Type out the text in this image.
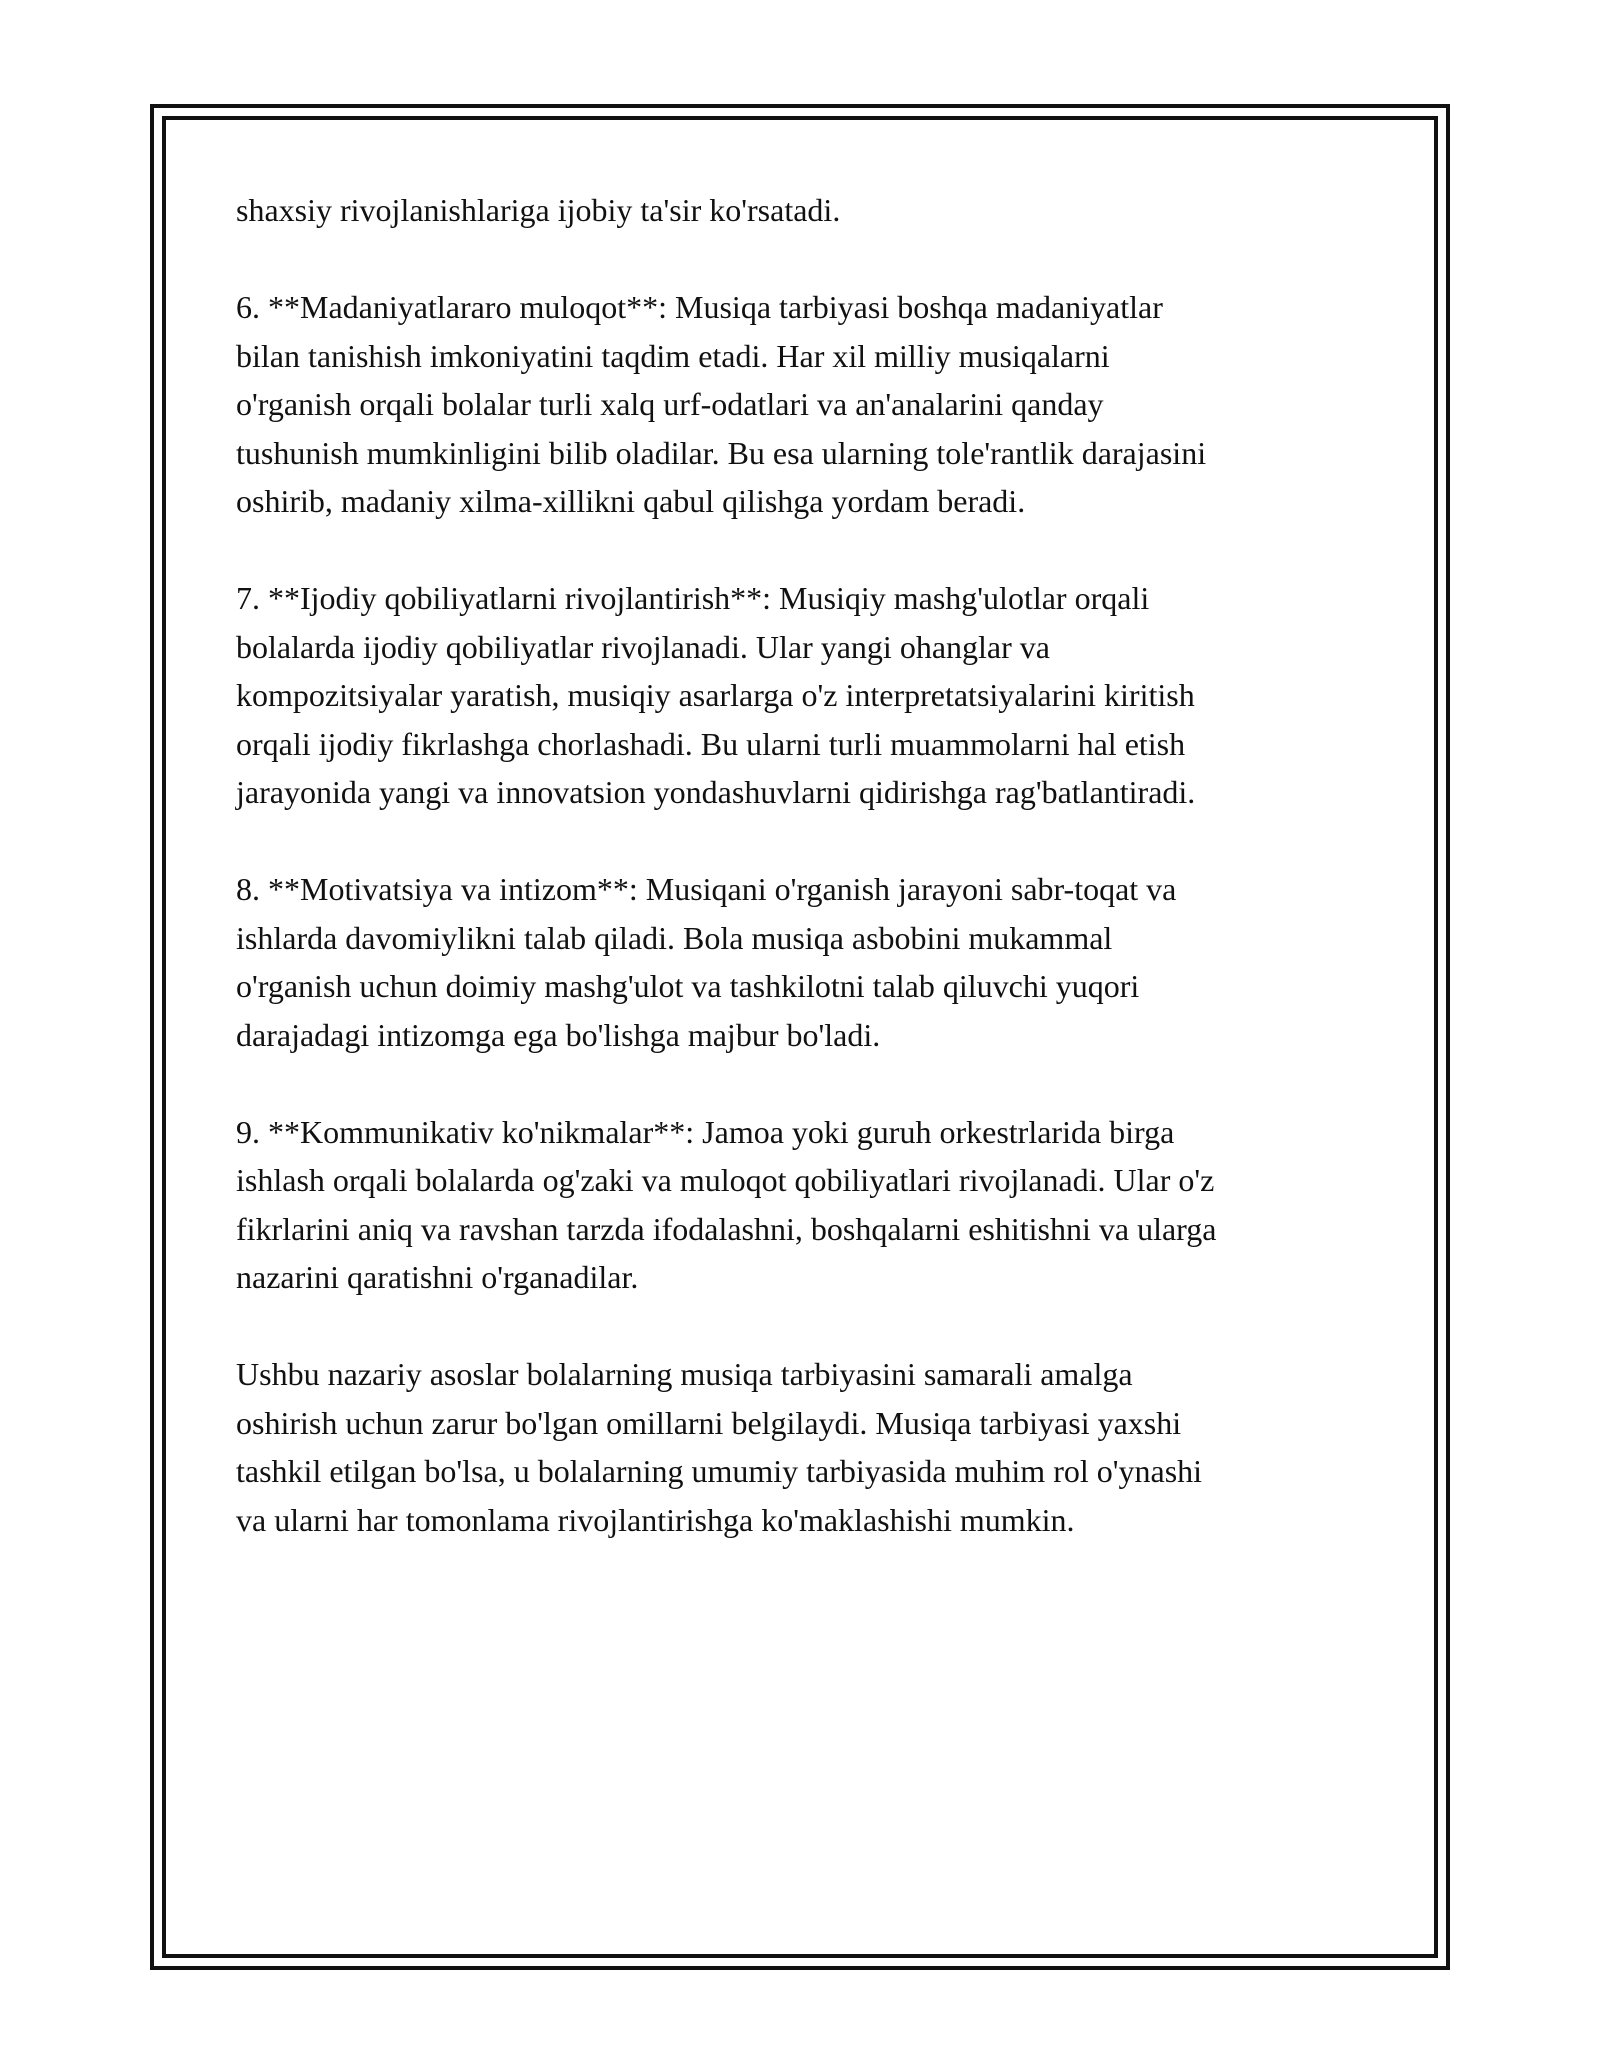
shaxsiy rivojlanishlariga ijobiy ta'sir ko'rsatadi.

6. **Madaniyatlararo muloqot**: Musiqa tarbiyasi boshqa madaniyatlar
bilan tanishish imkoniyatini taqdim etadi. Har xil milliy musiqalarni
o'rganish orqali bolalar turli xalq urf-odatlari va an'analarini qanday
tushunish mumkinligini bilib oladilar. Bu esa ularning tole'rantlik darajasini
oshirib, madaniy xilma-xillikni qabul qilishga yordam beradi.

7. **Ijodiy qobiliyatlarni rivojlantirish**: Musiqiy mashg'ulotlar orqali
bolalarda ijodiy qobiliyatlar rivojlanadi. Ular yangi ohanglar va
kompozitsiyalar yaratish, musiqiy asarlarga o'z interpretatsiyalarini kiritish
orqali ijodiy fikrlashga chorlashadi. Bu ularni turli muammolarni hal etish
jarayonida yangi va innovatsion yondashuvlarni qidirishga rag'batlantiradi.

8. **Motivatsiya va intizom**: Musiqani o'rganish jarayoni sabr-toqat va
ishlarda davomiylikni talab qiladi. Bola musiqa asbobini mukammal
o'rganish uchun doimiy mashg'ulot va tashkilotni talab qiluvchi yuqori
darajadagi intizomga ega bo'lishga majbur bo'ladi.

9. **Kommunikativ ko'nikmalar**: Jamoa yoki guruh orkestrlarida birga
ishlash orqali bolalarda og'zaki va muloqot qobiliyatlari rivojlanadi. Ular o'z
fikrlarini aniq va ravshan tarzda ifodalashni, boshqalarni eshitishni va ularga
nazarini qaratishni o'rganadilar.

Ushbu nazariy asoslar bolalarning musiqa tarbiyasini samarali amalga
oshirish uchun zarur bo'lgan omillarni belgilaydi. Musiqa tarbiyasi yaxshi
tashkil etilgan bo'lsa, u bolalarning umumiy tarbiyasida muhim rol o'ynashi
va ularni har tomonlama rivojlantirishga ko'maklashishi mumkin.
